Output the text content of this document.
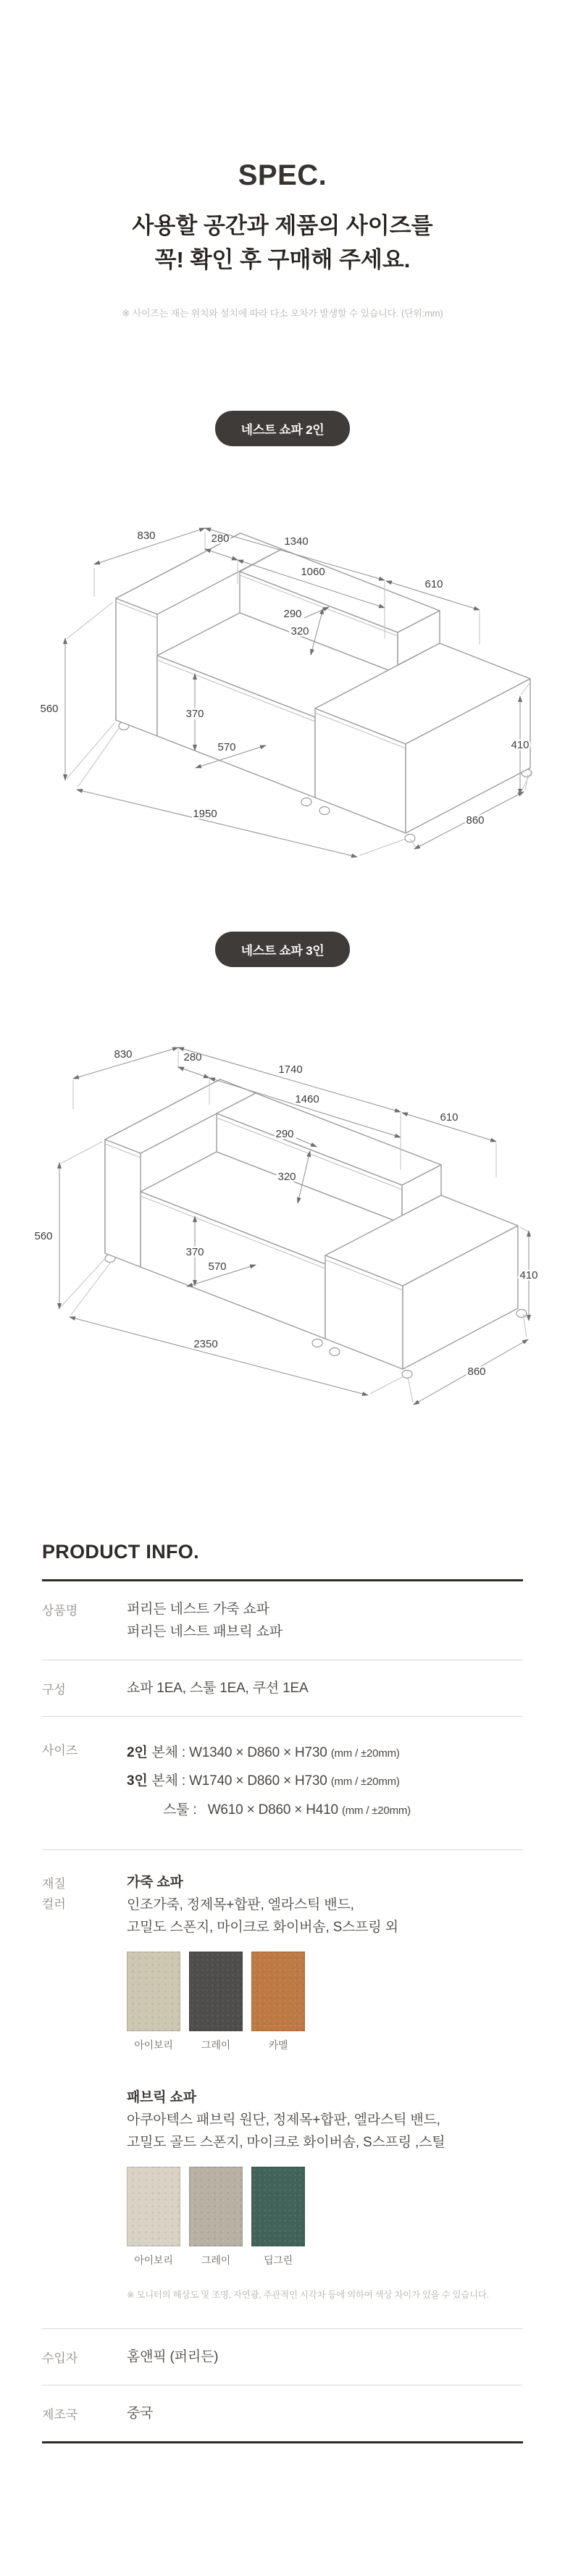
SPEC.

사용할 공간과 제품의 사이즈를
꼭! 확인 후 구매해 주세요.

※ 사이즈는 재는 위치와 설치에 따라 다소 오차가 발생할 수 있습니다. (단위:mm)

네스트 쇼파 2인
830	280	1340
1060
610
290
320
570
370
560
1950
860
410
네스트 쇼파 3인
830	280
1740
1460
610
290
320
570
370
560
2350
860
410
PRODUCT INFO.
상품명	퍼리든 네스트 가죽 쇼파
퍼리든 네스트 패브릭 쇼파
구성	쇼파 1EA, 스툴 1EA, 쿠션 1EA
사이즈	2인 본체 : W1340 × D860 × H730 (mm / ±20mm)
3인 본체 : W1740 × D860 × H730 (mm / ±20mm)
스툴 :   W610 × D860 × H410 (mm / ±20mm)
재질
컬러
가죽 쇼파
인조가죽, 정제목+합판, 엘라스틱 밴드,
고밀도 스폰지, 마이크로 화이버솜, S스프링 외
아이보리	그레이	카멜
패브릭 쇼파
아쿠아텍스 패브릭 원단, 정제목+합판, 엘라스틱 밴드,
고밀도 골드 스폰지, 마이크로 화이버솜, S스프링 ,스틸
아이보리	그레이	딥그린
※ 모니터의 해상도 및 조명, 자연광, 주관적인 시각차 등에 의하여 색상 차이가 있을 수 있습니다.
수입자	홈앤픽 (퍼리든)
제조국	중국
